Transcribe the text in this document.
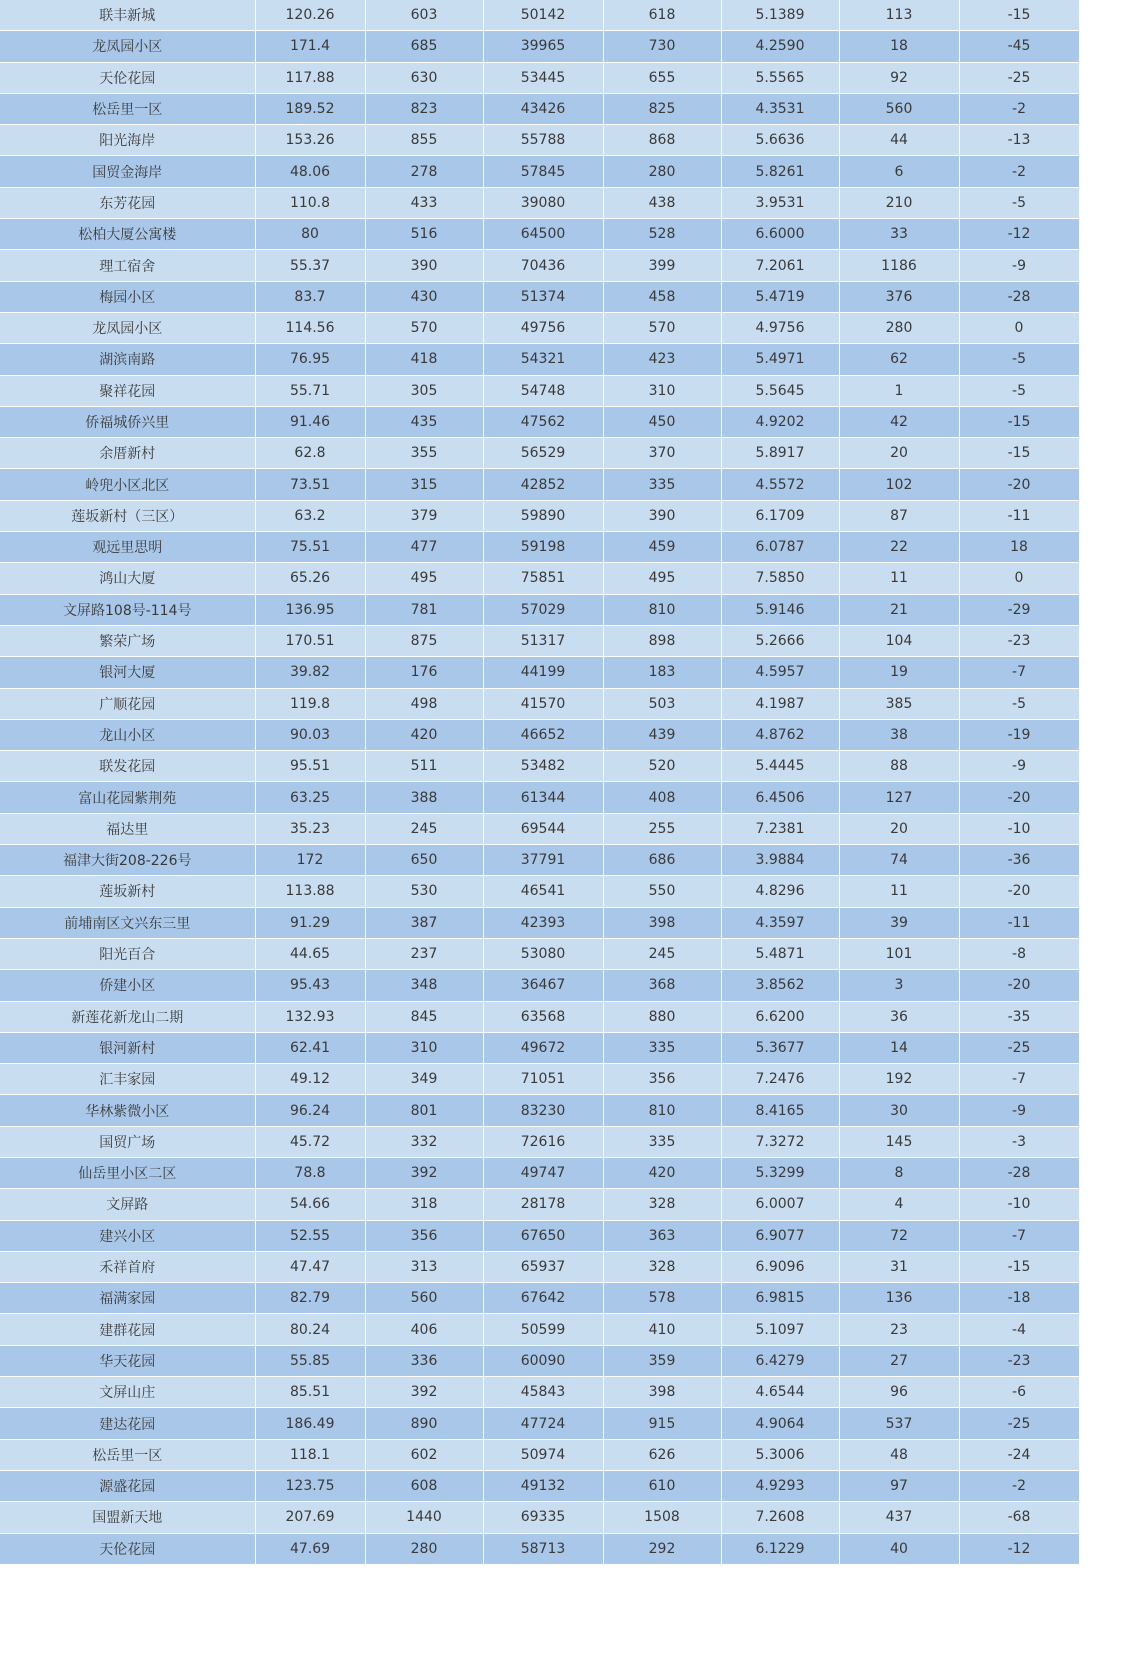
联丰新城	120.26	603	50142	618	5.1389	113	-15
龙凤园小区	171.4	685	39965	730	4.2590	18	-45
天伦花园	117.88	630	53445	655	5.5565	92	-25
松岳里一区	189.52	823	43426	825	4.3531	560	-2
阳光海岸	153.26	855	55788	868	5.6636	44	-13
国贸金海岸	48.06	278	57845	280	5.8261	6	-2
东芳花园	110.8	433	39080	438	3.9531	210	-5
松柏大厦公寓楼	80	516	64500	528	6.6000	33	-12
理工宿舍	55.37	390	70436	399	7.2061	1186	-9
梅园小区	83.7	430	51374	458	5.4719	376	-28
龙凤园小区	114.56	570	49756	570	4.9756	280	0
湖滨南路	76.95	418	54321	423	5.4971	62	-5
聚祥花园	55.71	305	54748	310	5.5645	1	-5
侨福城侨兴里	91.46	435	47562	450	4.9202	42	-15
余厝新村	62.8	355	56529	370	5.8917	20	-15
岭兜小区北区	73.51	315	42852	335	4.5572	102	-20
莲坂新村（三区）	63.2	379	59890	390	6.1709	87	-11
观远里思明	75.51	477	59198	459	6.0787	22	18
鸿山大厦	65.26	495	75851	495	7.5850	11	0
文屏路108号-114号	136.95	781	57029	810	5.9146	21	-29
繁荣广场	170.51	875	51317	898	5.2666	104	-23
银河大厦	39.82	176	44199	183	4.5957	19	-7
广顺花园	119.8	498	41570	503	4.1987	385	-5
龙山小区	90.03	420	46652	439	4.8762	38	-19
联发花园	95.51	511	53482	520	5.4445	88	-9
富山花园紫荆苑	63.25	388	61344	408	6.4506	127	-20
福达里	35.23	245	69544	255	7.2381	20	-10
福津大街208-226号	172	650	37791	686	3.9884	74	-36
莲坂新村	113.88	530	46541	550	4.8296	11	-20
前埔南区文兴东三里	91.29	387	42393	398	4.3597	39	-11
阳光百合	44.65	237	53080	245	5.4871	101	-8
侨建小区	95.43	348	36467	368	3.8562	3	-20
新莲花新龙山二期	132.93	845	63568	880	6.6200	36	-35
银河新村	62.41	310	49672	335	5.3677	14	-25
汇丰家园	49.12	349	71051	356	7.2476	192	-7
华林紫微小区	96.24	801	83230	810	8.4165	30	-9
国贸广场	45.72	332	72616	335	7.3272	145	-3
仙岳里小区二区	78.8	392	49747	420	5.3299	8	-28
文屏路	54.66	318	28178	328	6.0007	4	-10
建兴小区	52.55	356	67650	363	6.9077	72	-7
禾祥首府	47.47	313	65937	328	6.9096	31	-15
福满家园	82.79	560	67642	578	6.9815	136	-18
建群花园	80.24	406	50599	410	5.1097	23	-4
华天花园	55.85	336	60090	359	6.4279	27	-23
文屏山庄	85.51	392	45843	398	4.6544	96	-6
建达花园	186.49	890	47724	915	4.9064	537	-25
松岳里一区	118.1	602	50974	626	5.3006	48	-24
源盛花园	123.75	608	49132	610	4.9293	97	-2
国盟新天地	207.69	1440	69335	1508	7.2608	437	-68
天伦花园	47.69	280	58713	292	6.1229	40	-12
